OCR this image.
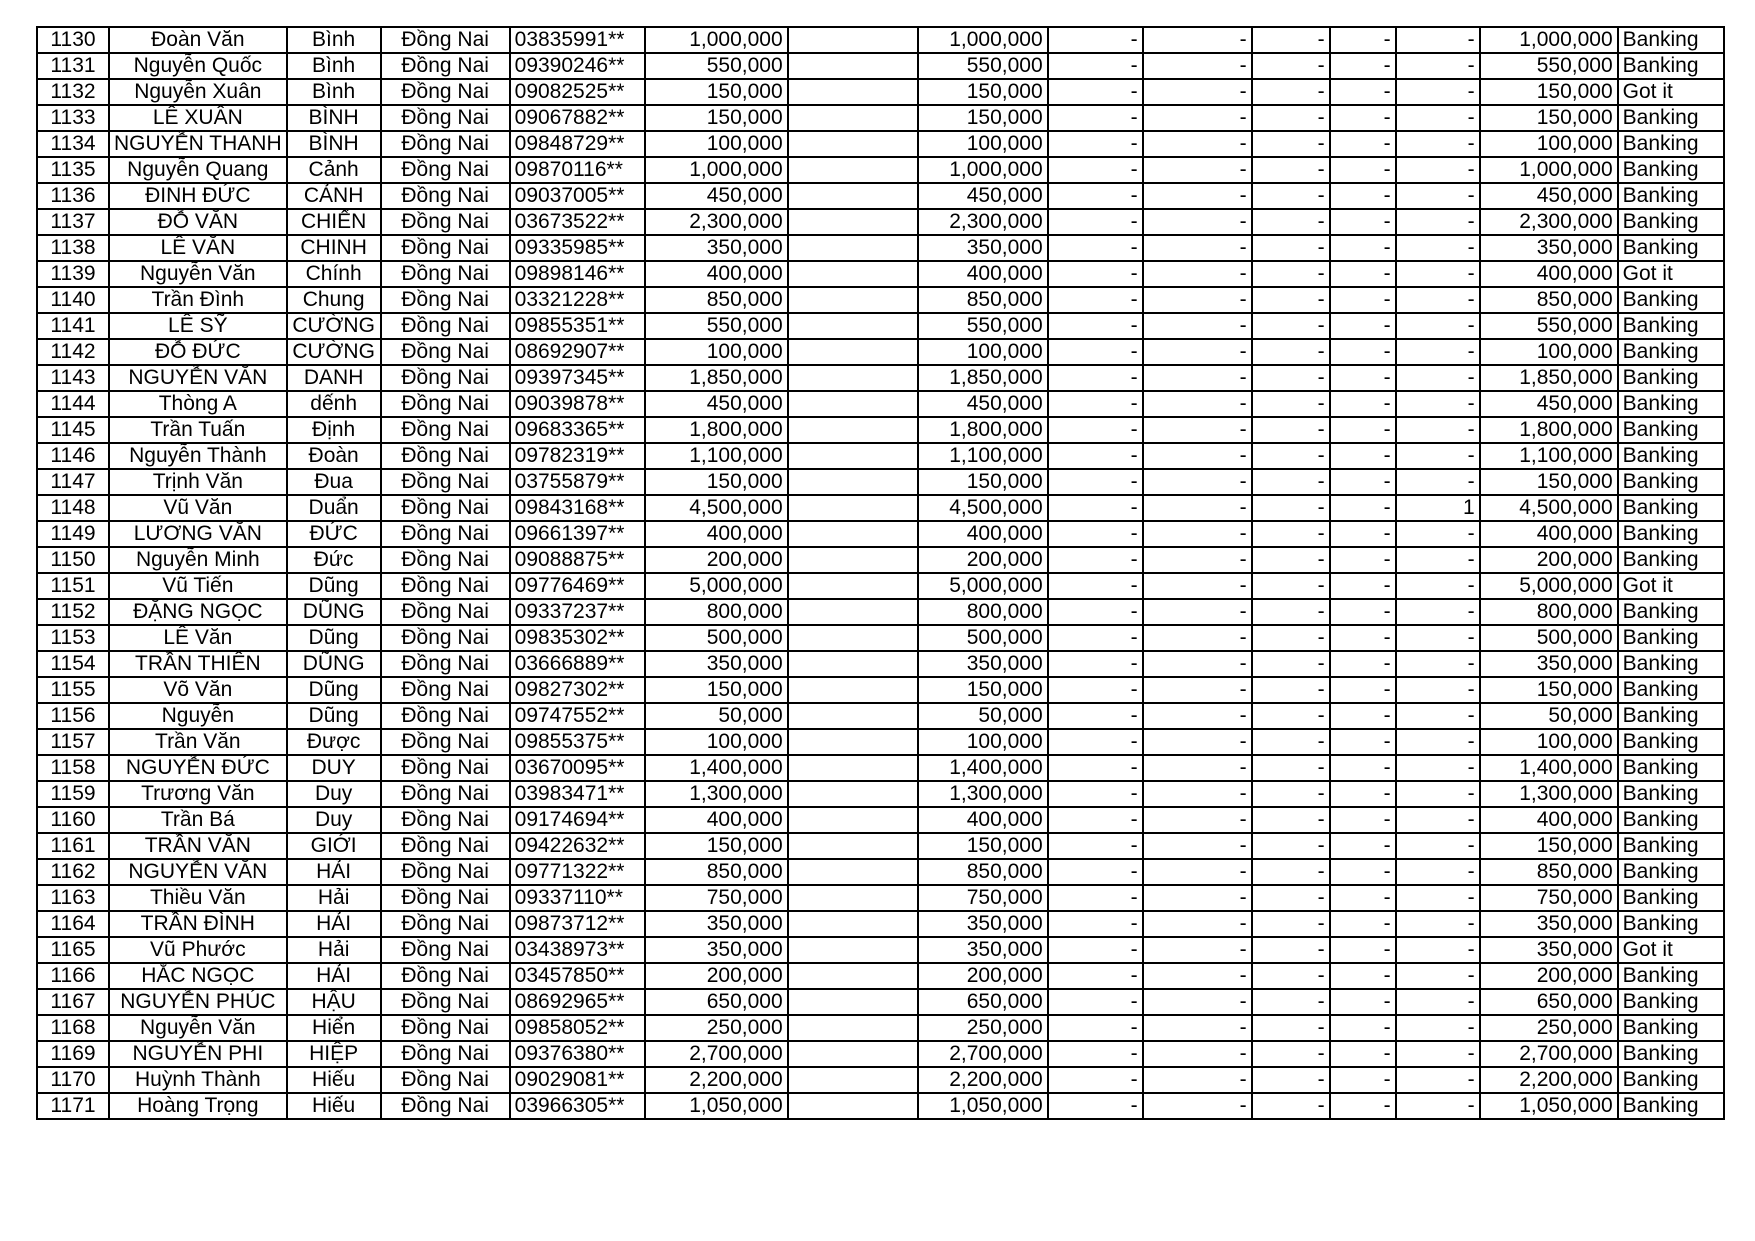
1130	Đoàn Văn	Bình	Đồng Nai	03835991**	1,000,000		1,000,000	-	-	-	-	-	1,000,000	Banking
1131	Nguyễn Quốc	Bình	Đồng Nai	09390246**	550,000		550,000	-	-	-	-	-	550,000	Banking
1132	Nguyễn Xuân	Bình	Đồng Nai	09082525**	150,000		150,000	-	-	-	-	-	150,000	Got it
1133	LÊ XUÂN	BÌNH	Đồng Nai	09067882**	150,000		150,000	-	-	-	-	-	150,000	Banking
1134	NGUYỄN THANH	BÌNH	Đồng Nai	09848729**	100,000		100,000	-	-	-	-	-	100,000	Banking
1135	Nguyễn Quang	Cảnh	Đồng Nai	09870116**	1,000,000		1,000,000	-	-	-	-	-	1,000,000	Banking
1136	ĐINH ĐỨC	CẢNH	Đồng Nai	09037005**	450,000		450,000	-	-	-	-	-	450,000	Banking
1137	ĐỖ VĂN	CHIẾN	Đồng Nai	03673522**	2,300,000		2,300,000	-	-	-	-	-	2,300,000	Banking
1138	LÊ VĂN	CHINH	Đồng Nai	09335985**	350,000		350,000	-	-	-	-	-	350,000	Banking
1139	Nguyễn Văn	Chính	Đồng Nai	09898146**	400,000		400,000	-	-	-	-	-	400,000	Got it
1140	Trần Đình	Chung	Đồng Nai	03321228**	850,000		850,000	-	-	-	-	-	850,000	Banking
1141	LÊ SỸ	CƯỜNG	Đồng Nai	09855351**	550,000		550,000	-	-	-	-	-	550,000	Banking
1142	ĐỖ ĐỨC	CƯỜNG	Đồng Nai	08692907**	100,000		100,000	-	-	-	-	-	100,000	Banking
1143	NGUYỄN VĂN	DANH	Đồng Nai	09397345**	1,850,000		1,850,000	-	-	-	-	-	1,850,000	Banking
1144	Thòng A	dếnh	Đồng Nai	09039878**	450,000		450,000	-	-	-	-	-	450,000	Banking
1145	Trần Tuấn	Định	Đồng Nai	09683365**	1,800,000		1,800,000	-	-	-	-	-	1,800,000	Banking
1146	Nguyễn Thành	Đoàn	Đồng Nai	09782319**	1,100,000		1,100,000	-	-	-	-	-	1,100,000	Banking
1147	Trịnh Văn	Đua	Đồng Nai	03755879**	150,000		150,000	-	-	-	-	-	150,000	Banking
1148	Vũ Văn	Duẩn	Đồng Nai	09843168**	4,500,000		4,500,000	-	-	-	-	1	4,500,000	Banking
1149	LƯƠNG VĂN	ĐỨC	Đồng Nai	09661397**	400,000		400,000	-	-	-	-	-	400,000	Banking
1150	Nguyễn Minh	Đức	Đồng Nai	09088875**	200,000		200,000	-	-	-	-	-	200,000	Banking
1151	Vũ Tiến	Dũng	Đồng Nai	09776469**	5,000,000		5,000,000	-	-	-	-	-	5,000,000	Got it
1152	ĐẶNG NGỌC	DŨNG	Đồng Nai	09337237**	800,000		800,000	-	-	-	-	-	800,000	Banking
1153	LÊ Văn	Dũng	Đồng Nai	09835302**	500,000		500,000	-	-	-	-	-	500,000	Banking
1154	TRẦN THIÊN	DŨNG	Đồng Nai	03666889**	350,000		350,000	-	-	-	-	-	350,000	Banking
1155	Võ Văn	Dũng	Đồng Nai	09827302**	150,000		150,000	-	-	-	-	-	150,000	Banking
1156	Nguyễn	Dũng	Đồng Nai	09747552**	50,000		50,000	-	-	-	-	-	50,000	Banking
1157	Trần Văn	Được	Đồng Nai	09855375**	100,000		100,000	-	-	-	-	-	100,000	Banking
1158	NGUYỄN ĐỨC	DUY	Đồng Nai	03670095**	1,400,000		1,400,000	-	-	-	-	-	1,400,000	Banking
1159	Trương Văn	Duy	Đồng Nai	03983471**	1,300,000		1,300,000	-	-	-	-	-	1,300,000	Banking
1160	Trần Bá	Duy	Đồng Nai	09174694**	400,000		400,000	-	-	-	-	-	400,000	Banking
1161	TRẦN VĂN	GIỚI	Đồng Nai	09422632**	150,000		150,000	-	-	-	-	-	150,000	Banking
1162	NGUYỄN VĂN	HẢI	Đồng Nai	09771322**	850,000		850,000	-	-	-	-	-	850,000	Banking
1163	Thiều Văn	Hải	Đồng Nai	09337110**	750,000		750,000	-	-	-	-	-	750,000	Banking
1164	TRẦN ĐÌNH	HẢI	Đồng Nai	09873712**	350,000		350,000	-	-	-	-	-	350,000	Banking
1165	Vũ Phước	Hải	Đồng Nai	03438973**	350,000		350,000	-	-	-	-	-	350,000	Got it
1166	HẮC NGỌC	HẢI	Đồng Nai	03457850**	200,000		200,000	-	-	-	-	-	200,000	Banking
1167	NGUYỄN PHÚC	HẬU	Đồng Nai	08692965**	650,000		650,000	-	-	-	-	-	650,000	Banking
1168	Nguyễn Văn	Hiển	Đồng Nai	09858052**	250,000		250,000	-	-	-	-	-	250,000	Banking
1169	NGUYỄN PHI	HIỆP	Đồng Nai	09376380**	2,700,000		2,700,000	-	-	-	-	-	2,700,000	Banking
1170	Huỳnh Thành	Hiếu	Đồng Nai	09029081**	2,200,000		2,200,000	-	-	-	-	-	2,200,000	Banking
1171	Hoàng Trọng	Hiếu	Đồng Nai	03966305**	1,050,000		1,050,000	-	-	-	-	-	1,050,000	Banking
